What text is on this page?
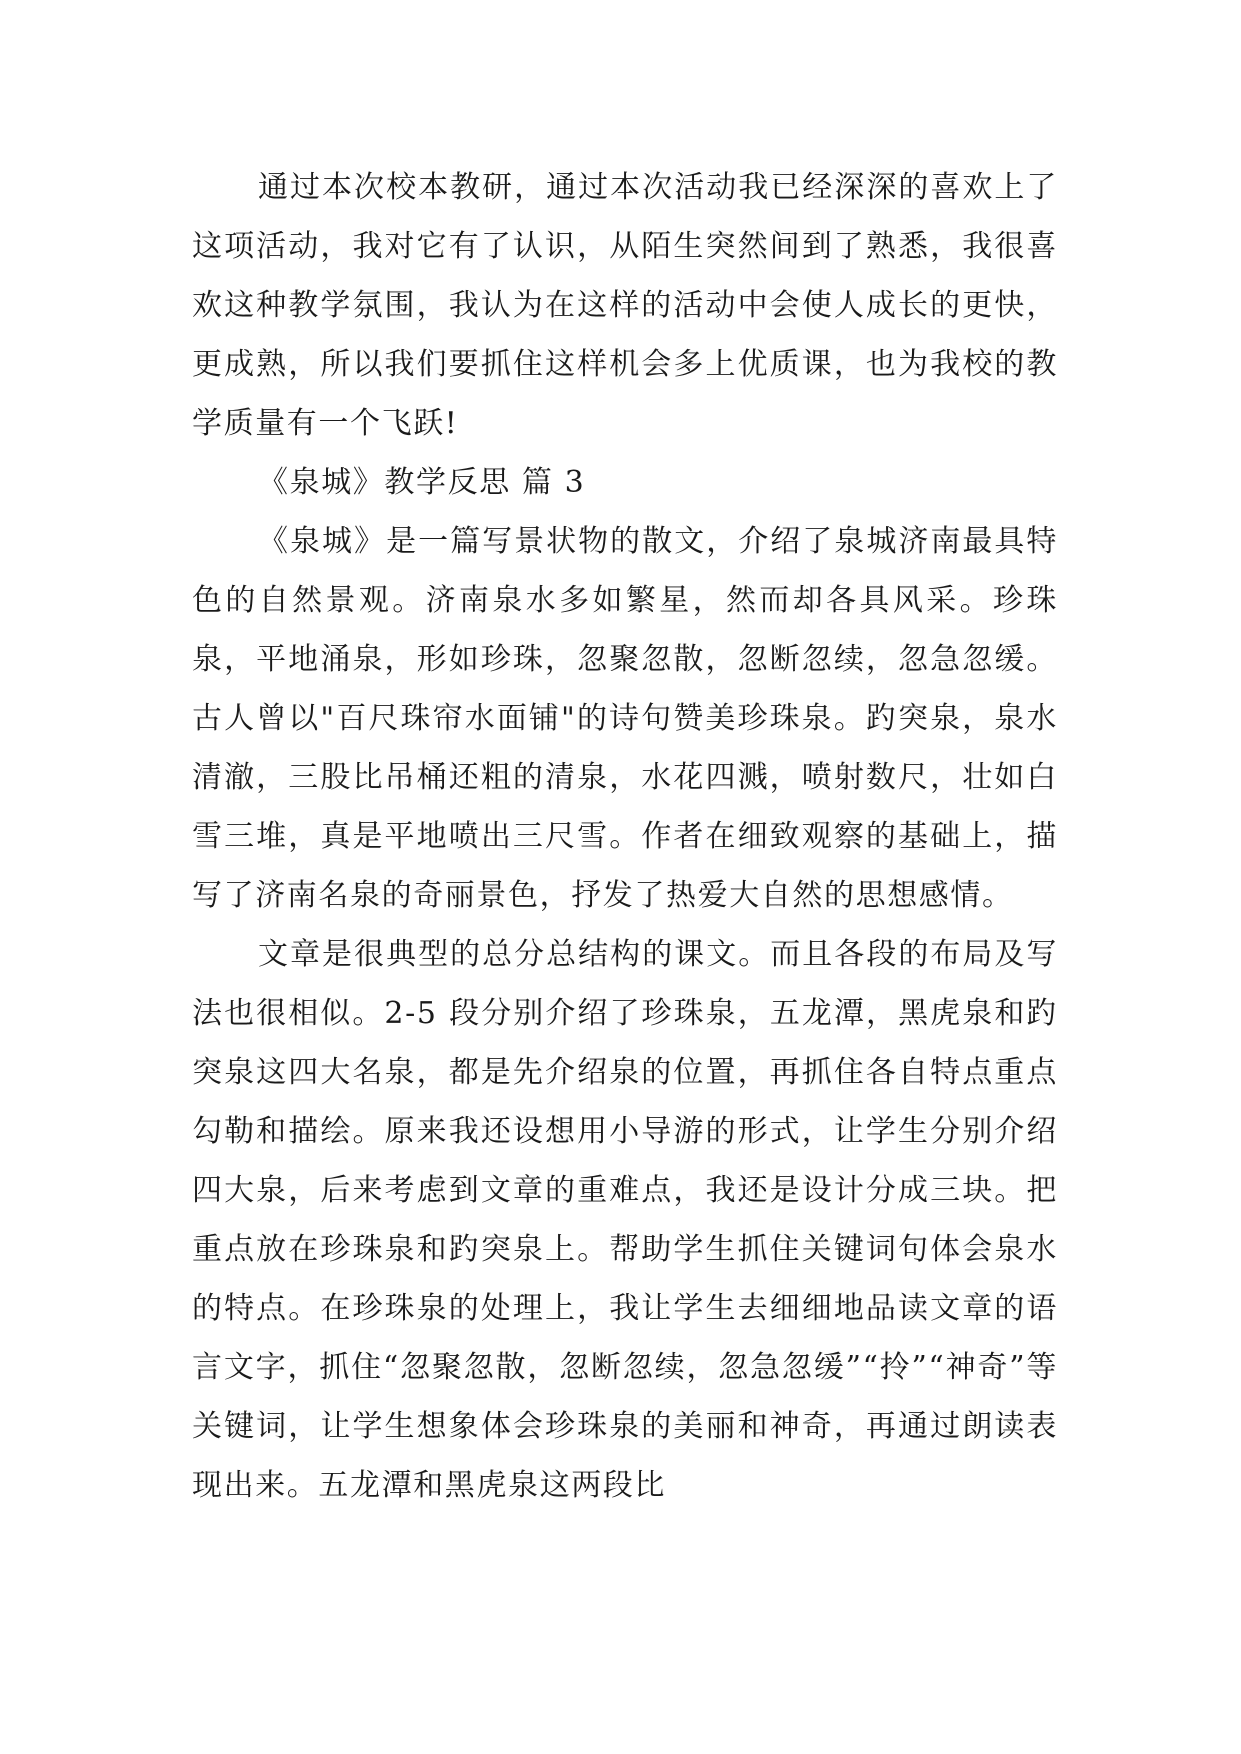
通过本次校本教研，通过本次活动我已经深深的喜欢上了这项活动，我对它有了认识，从陌生突然间到了熟悉，我很喜欢这种教学氛围，我认为在这样的活动中会使人成长的更快，更成熟，所以我们要抓住这样机会多上优质课，也为我校的教学质量有一个飞跃!

《泉城》教学反思 篇 3

《泉城》是一篇写景状物的散文，介绍了泉城济南最具特色的自然景观。济南泉水多如繁星，然而却各具风采。珍珠泉，平地涌泉，形如珍珠，忽聚忽散，忽断忽续，忽急忽缓。古人曾以"百尺珠帘水面铺"的诗句赞美珍珠泉。趵突泉，泉水清澈，三股比吊桶还粗的清泉，水花四溅，喷射数尺，壮如白雪三堆，真是平地喷出三尺雪。作者在细致观察的基础上，描写了济南名泉的奇丽景色，抒发了热爱大自然的思想感情。

文章是很典型的总分总结构的课文。而且各段的布局及写法也很相似。2-5 段分别介绍了珍珠泉，五龙潭，黑虎泉和趵突泉这四大名泉，都是先介绍泉的位置，再抓住各自特点重点勾勒和描绘。原来我还设想用小导游的形式，让学生分别介绍四大泉，后来考虑到文章的重难点，我还是设计分成三块。把重点放在珍珠泉和趵突泉上。帮助学生抓住关键词句体会泉水的特点。在珍珠泉的处理上，我让学生去细细地品读文章的语言文字，抓住“忽聚忽散，忽断忽续，忽急忽缓”“拎”“神奇”等关键词，让学生想象体会珍珠泉的美丽和神奇，再通过朗读表现出来。五龙潭和黑虎泉这两段比
